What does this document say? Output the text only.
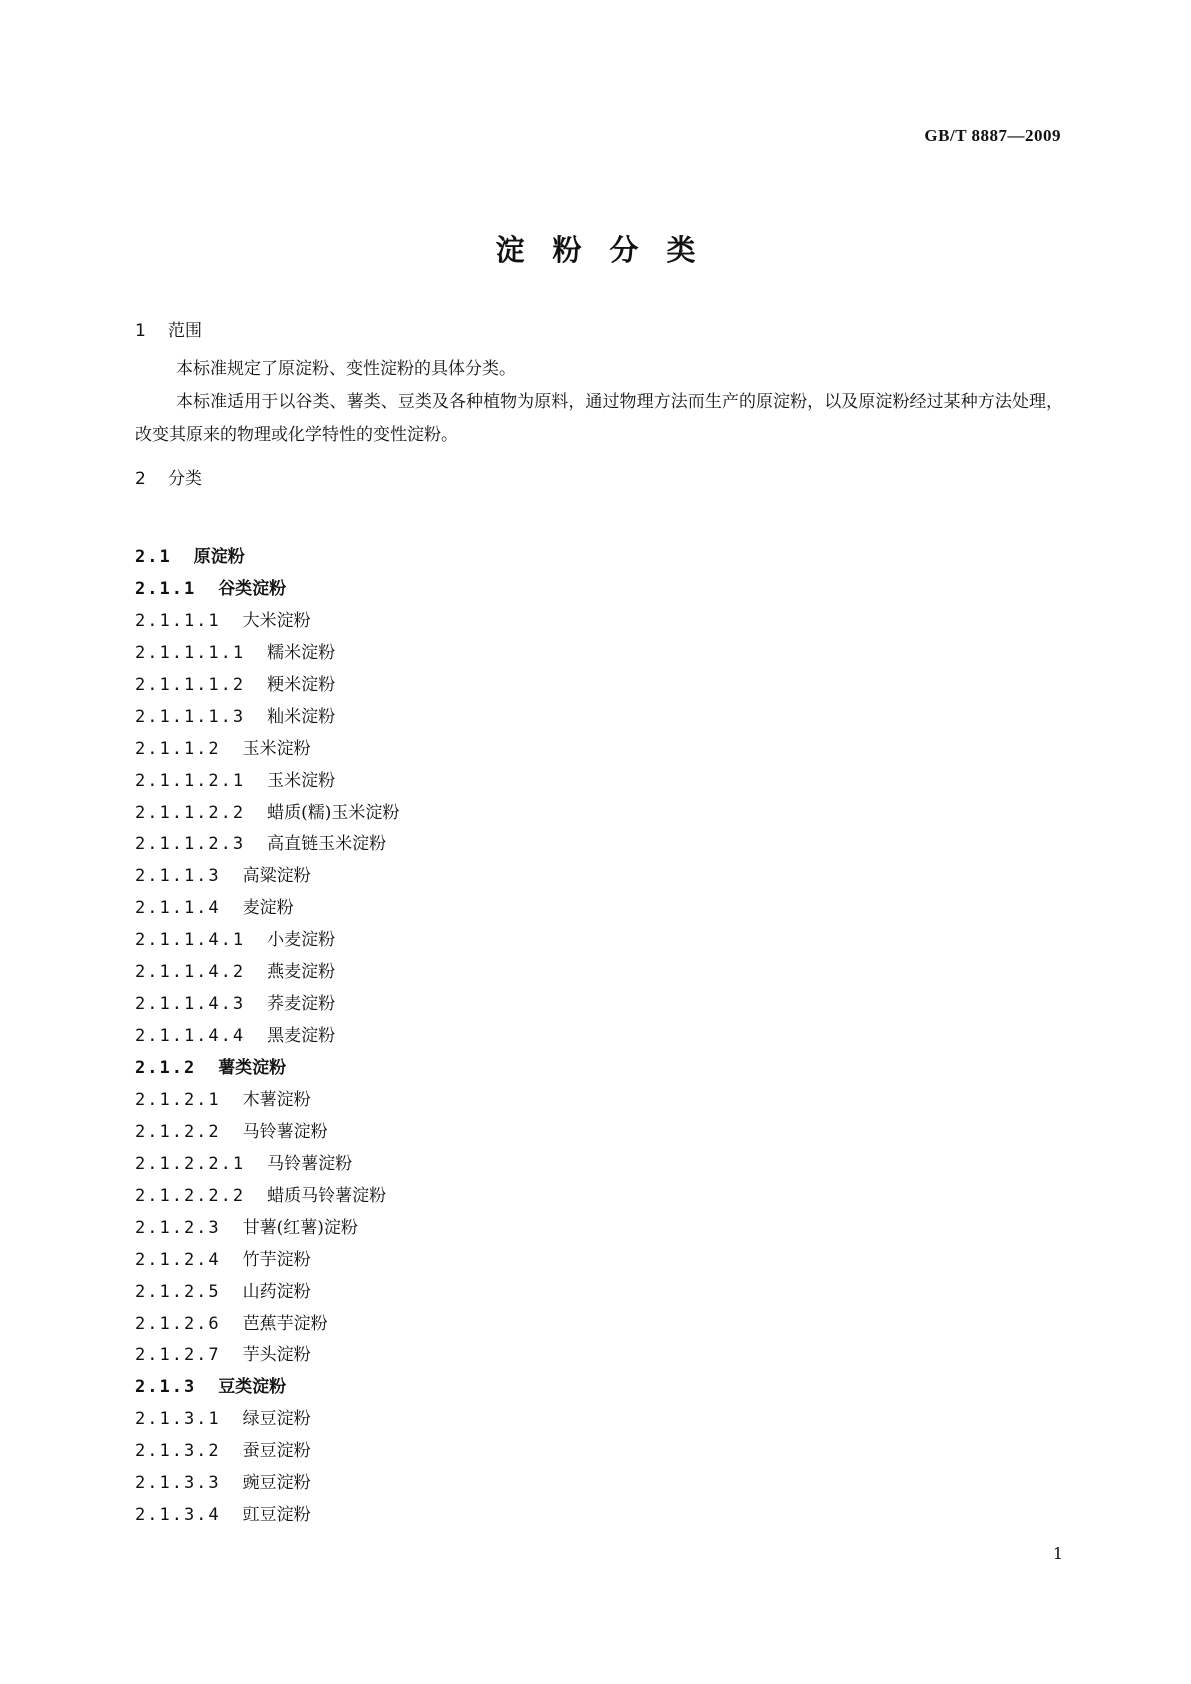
GB/T 8887—2009
淀粉分类
1 范围

本标准规定了原淀粉、变性淀粉的具体分类。

本标准适用于以谷类、薯类、豆类及各种植物为原料，通过物理方法而生产的原淀粉，以及原淀粉经过某种方法处理，改变其原来的物理或化学特性的变性淀粉。

2 分类
2.1 原淀粉
2.1.1 谷类淀粉
2.1.1.1 大米淀粉
2.1.1.1.1 糯米淀粉
2.1.1.1.2 粳米淀粉
2.1.1.1.3 籼米淀粉
2.1.1.2 玉米淀粉
2.1.1.2.1 玉米淀粉
2.1.1.2.2 蜡质(糯)玉米淀粉
2.1.1.2.3 高直链玉米淀粉
2.1.1.3 高粱淀粉
2.1.1.4 麦淀粉
2.1.1.4.1 小麦淀粉
2.1.1.4.2 燕麦淀粉
2.1.1.4.3 荞麦淀粉
2.1.1.4.4 黑麦淀粉
2.1.2 薯类淀粉
2.1.2.1 木薯淀粉
2.1.2.2 马铃薯淀粉
2.1.2.2.1 马铃薯淀粉
2.1.2.2.2 蜡质马铃薯淀粉
2.1.2.3 甘薯(红薯)淀粉
2.1.2.4 竹芋淀粉
2.1.2.5 山药淀粉
2.1.2.6 芭蕉芋淀粉
2.1.2.7 芋头淀粉
2.1.3 豆类淀粉
2.1.3.1 绿豆淀粉
2.1.3.2 蚕豆淀粉
2.1.3.3 豌豆淀粉
2.1.3.4 豇豆淀粉
1
